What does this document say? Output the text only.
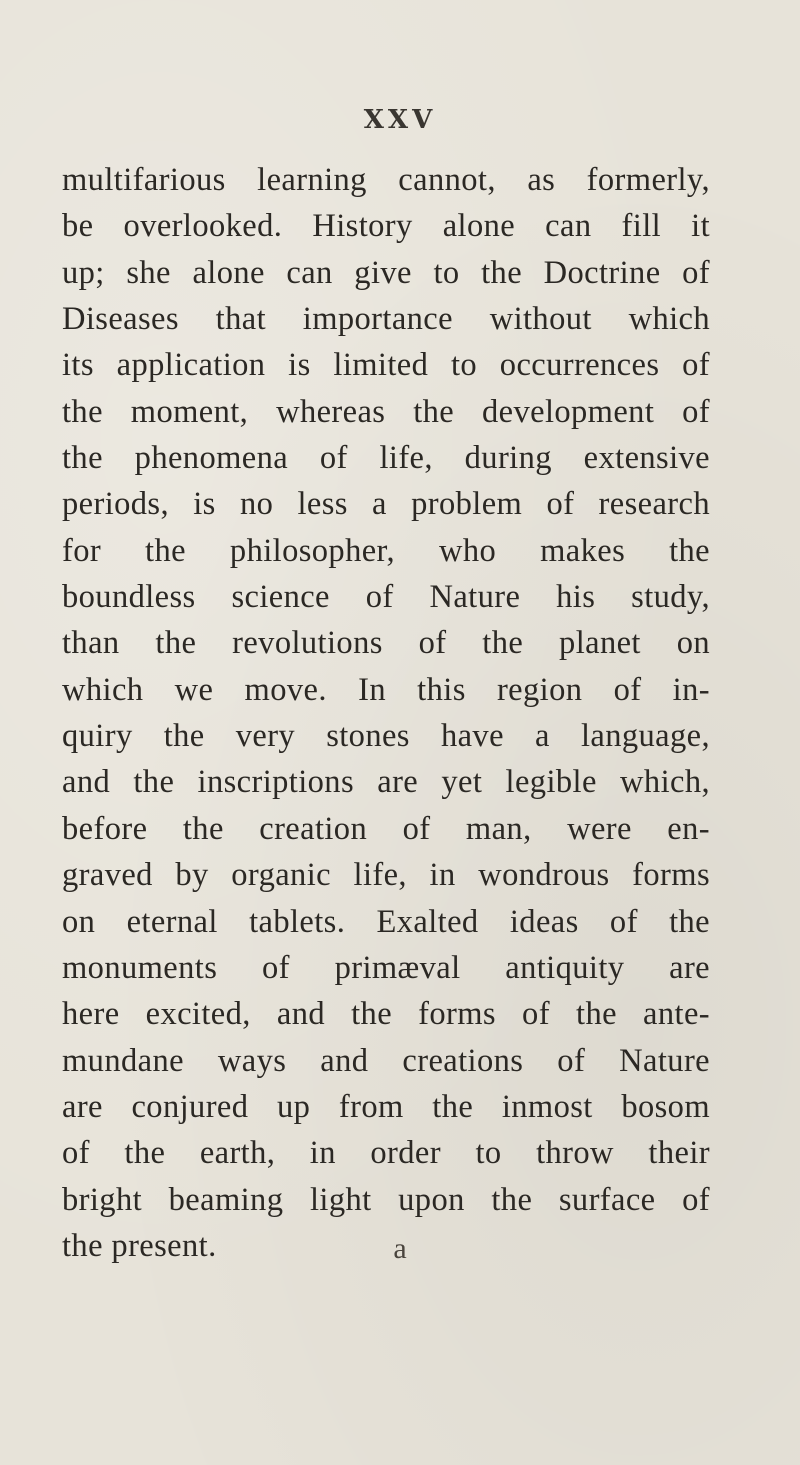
XXV

multifarious learning cannot, as formerly,
be overlooked. History alone can fill it
up; she alone can give to the Doctrine of
Diseases that importance without which
its application is limited to occurrences of
the moment, whereas the development of
the phenomena of life, during extensive
periods, is no less a problem of research
for the philosopher, who makes the
boundless science of Nature his study,
than the revolutions of the planet on
which we move. In this region of in-
quiry the very stones have a language,
and the inscriptions are yet legible which,
before the creation of man, were en-
graved by organic life, in wondrous forms
on eternal tablets. Exalted ideas of the
monuments of primæval antiquity are
here excited, and the forms of the ante-
mundane ways and creations of Nature
are conjured up from the inmost bosom
of the earth, in order to throw their
bright beaming light upon the surface of
the present.	a
